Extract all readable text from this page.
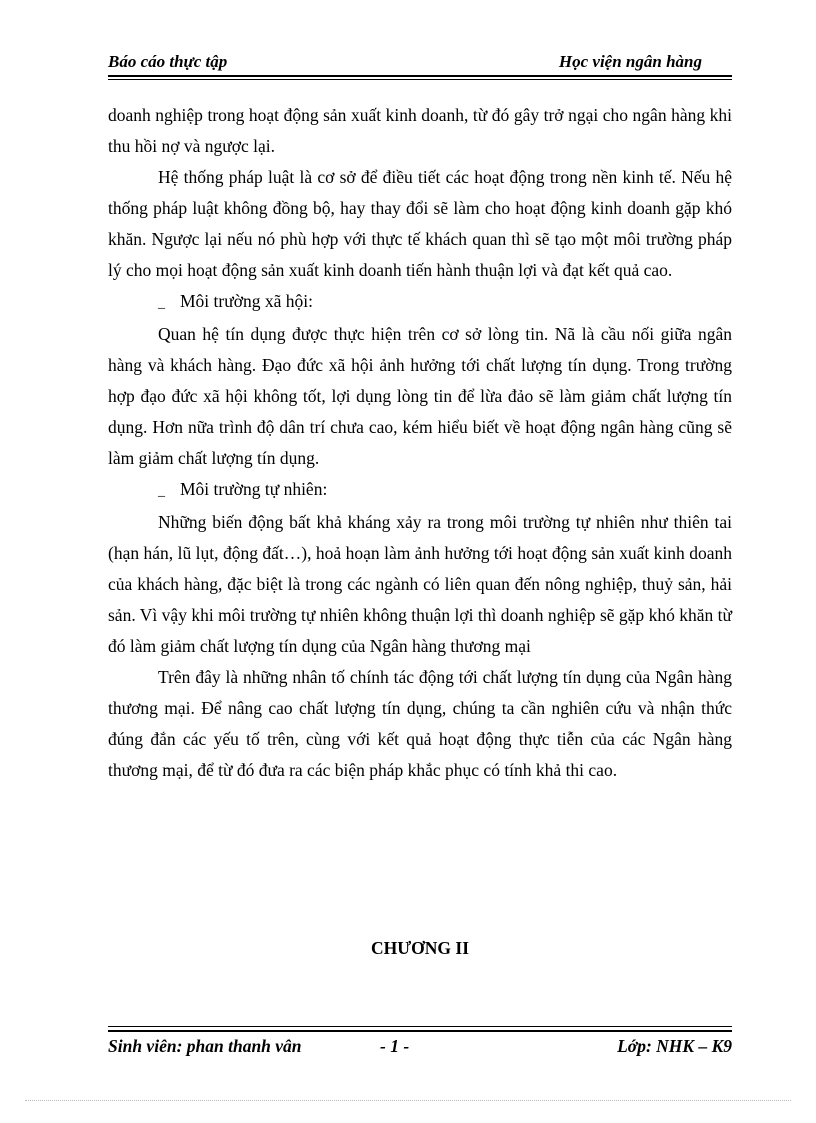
Báo cáo thực tập	Học viện ngân hàng

doanh nghiệp trong hoạt động sản xuất kinh doanh, từ đó gây trở ngại cho ngân hàng khi thu hồi nợ và ngược lại.

Hệ thống pháp luật là cơ sở để điều tiết các hoạt động trong nền kinh tế. Nếu hệ thống pháp luật không đồng bộ, hay thay đổi sẽ làm cho hoạt động kinh doanh gặp khó khăn. Ngược lại nếu nó phù hợp với thực tế khách quan thì sẽ tạo một môi trường pháp lý cho mọi hoạt động sản xuất kinh doanh tiến hành thuận lợi và đạt kết quả cao.

_ Môi trường xã hội:

Quan hệ tín dụng được thực hiện trên cơ sở lòng tin. Nã là cầu nối giữa ngân hàng và khách hàng. Đạo đức xã hội ảnh hưởng tới chất lượng tín dụng. Trong trường hợp đạo đức xã hội không tốt, lợi dụng lòng tin để lừa đảo sẽ làm giảm chất lượng tín dụng. Hơn nữa trình độ dân trí chưa cao, kém hiểu biết về hoạt động ngân hàng cũng sẽ làm giảm chất lượng tín dụng.

_ Môi trường tự nhiên:

Những biến động bất khả kháng xảy ra trong môi trường tự nhiên như thiên tai (hạn hán, lũ lụt, động đất…), hoả hoạn làm ảnh hưởng tới hoạt động sản xuất kinh doanh của khách hàng, đặc biệt là trong các ngành có liên quan đến nông nghiệp, thuỷ sản, hải sản. Vì vậy khi môi trường tự nhiên không thuận lợi thì doanh nghiệp sẽ gặp khó khăn từ đó làm giảm chất lượng tín dụng của Ngân hàng thương mại

Trên đây là những nhân tố chính tác động tới chất lượng tín dụng của Ngân hàng thương mại. Để nâng cao chất lượng tín dụng, chúng ta cần nghiên cứu và nhận thức đúng đắn các yếu tố trên, cùng với kết quả hoạt động thực tiễn của các Ngân hàng thương mại, để từ đó đưa ra các biện pháp khắc phục có tính khả thi cao.

CHƯƠNG II
Sinh viên: phan thanh vân	- 1 -	Lớp: NHK – K9
